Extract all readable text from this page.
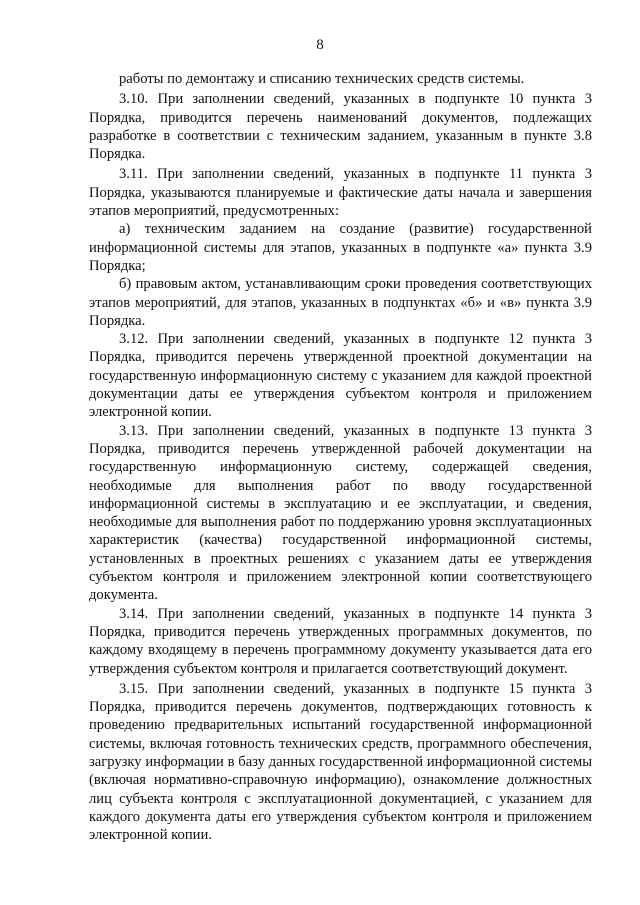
8

работы по демонтажу и списанию технических средств системы.

3.10. При заполнении сведений, указанных в подпункте 10 пункта 3 Порядка, приводится перечень наименований документов, подлежащих разработке в соответствии с техническим заданием, указанным в пункте 3.8 Порядка.

3.11. При заполнении сведений, указанных в подпункте 11 пункта 3 Порядка, указываются планируемые и фактические даты начала и завершения этапов мероприятий, предусмотренных:

а) техническим заданием на создание (развитие) государственной информационной системы для этапов, указанных в подпункте «а» пункта 3.9 Порядка;

б) правовым актом, устанавливающим сроки проведения соответствующих этапов мероприятий, для этапов, указанных в подпунктах «б» и «в» пункта 3.9 Порядка.

3.12. При заполнении сведений, указанных в подпункте 12 пункта 3 Порядка, приводится перечень утвержденной проектной документации на государственную информационную систему с указанием для каждой проектной документации даты ее утверждения субъектом контроля и приложением электронной копии.

3.13. При заполнении сведений, указанных в подпункте 13 пункта 3 Порядка, приводится перечень утвержденной рабочей документации на государственную информационную систему, содержащей сведения, необходимые для выполнения работ по вводу государственной информационной системы в эксплуатацию и ее эксплуатации, и сведения, необходимые для выполнения работ по поддержанию уровня эксплуатационных характеристик (качества) государственной информационной системы, установленных в проектных решениях с указанием даты ее утверждения субъектом контроля и приложением электронной копии соответствующего документа.

3.14. При заполнении сведений, указанных в подпункте 14 пункта 3 Порядка, приводится перечень утвержденных программных документов, по каждому входящему в перечень программному документу указывается дата его утверждения субъектом контроля и прилагается соответствующий документ.

3.15. При заполнении сведений, указанных в подпункте 15 пункта 3 Порядка, приводится перечень документов, подтверждающих готовность к проведению предварительных испытаний государственной информационной системы, включая готовность технических средств, программного обеспечения, загрузку информации в базу данных государственной информационной системы (включая нормативно-справочную информацию), ознакомление должностных лиц субъекта контроля с эксплуатационной документацией, с указанием для каждого документа даты его утверждения субъектом контроля и приложением электронной копии.
